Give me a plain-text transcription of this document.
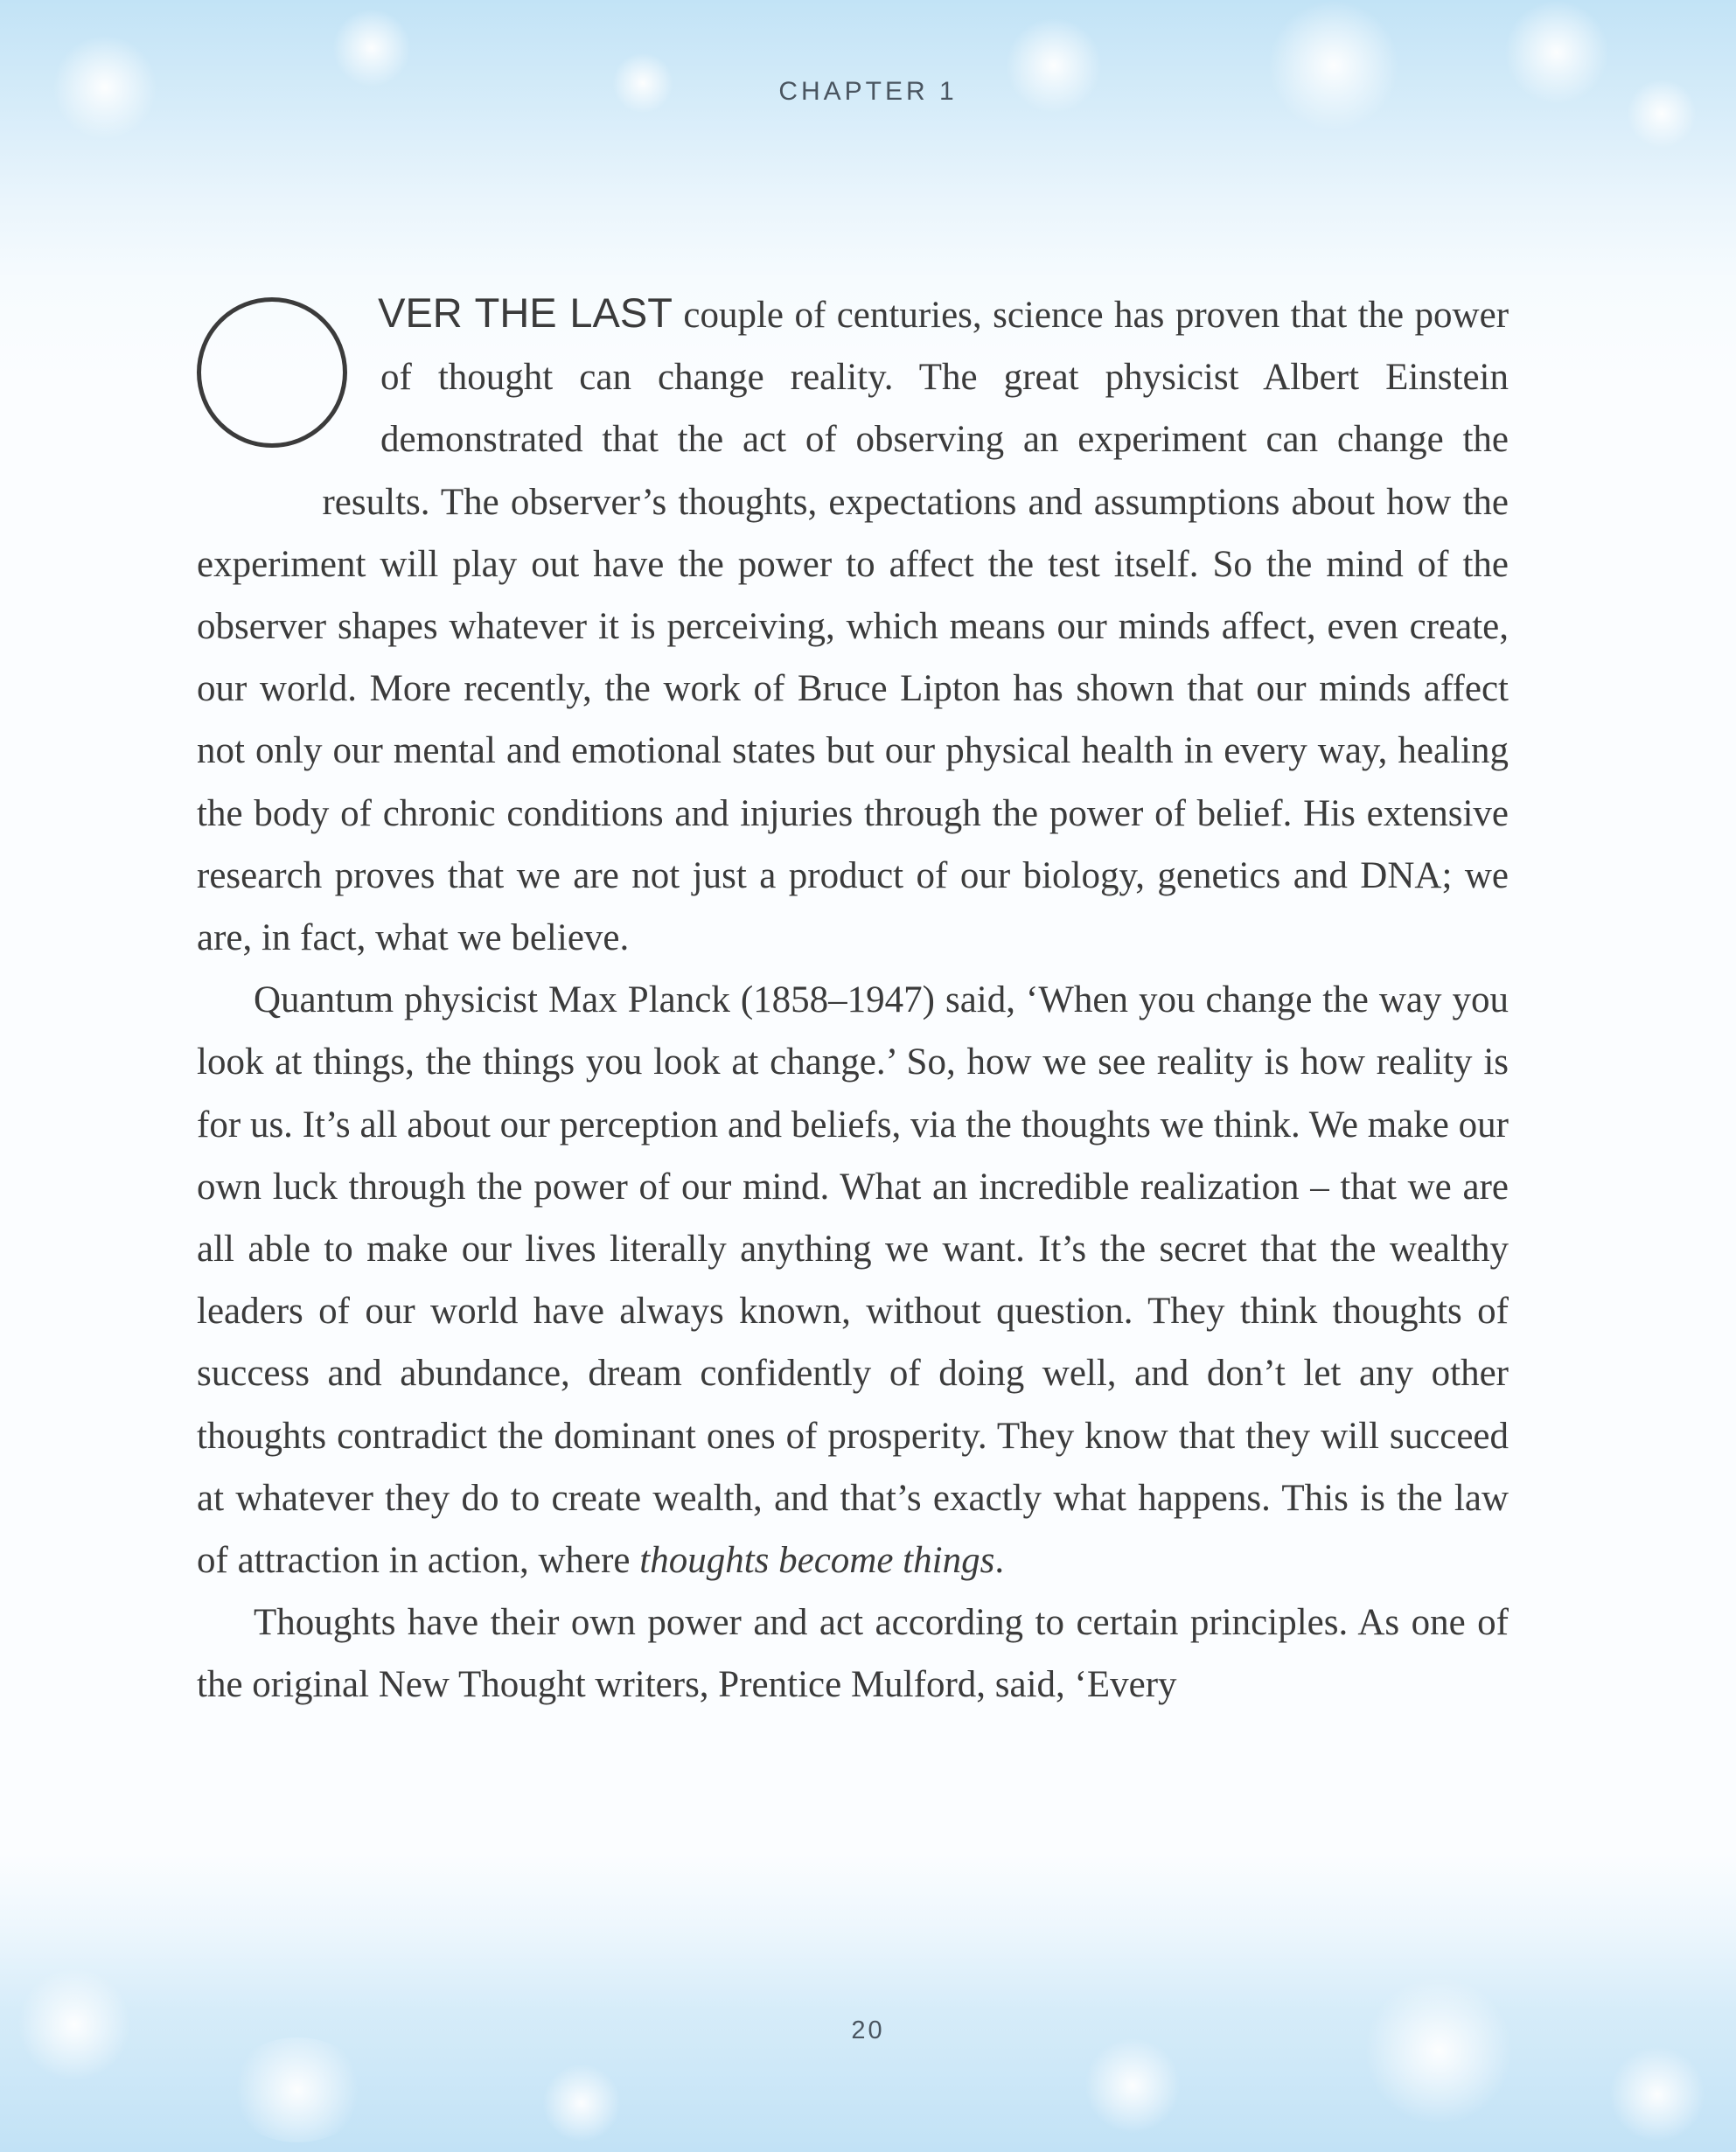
CHAPTER 1

VER THE LAST couple of centuries, science has proven that the power of thought can change reality. The great physicist Albert Einstein demonstrated that the act of observing an experiment can change the results. The observer’s thoughts, expectations and assumptions about how the experiment will play out have the power to affect the test itself. So the mind of the observer shapes whatever it is perceiving, which means our minds affect, even create, our world. More recently, the work of Bruce Lipton has shown that our minds affect not only our mental and emotional states but our physical health in every way, healing the body of chronic conditions and injuries through the power of belief. His extensive research proves that we are not just a product of our biology, genetics and DNA; we are, in fact, what we believe.

Quantum physicist Max Planck (1858–1947) said, ‘When you change the way you look at things, the things you look at change.’ So, how we see reality is how reality is for us. It’s all about our perception and beliefs, via the thoughts we think. We make our own luck through the power of our mind. What an incredible realization – that we are all able to make our lives literally anything we want. It’s the secret that the wealthy leaders of our world have always known, without question. They think thoughts of success and abundance, dream confidently of doing well, and don’t let any other thoughts contradict the dominant ones of prosperity. They know that they will succeed at whatever they do to create wealth, and that’s exactly what happens. This is the law of attraction in action, where thoughts become things.

Thoughts have their own power and act according to certain principles. As one of the original New Thought writers, Prentice Mulford, said, ‘Every

20
